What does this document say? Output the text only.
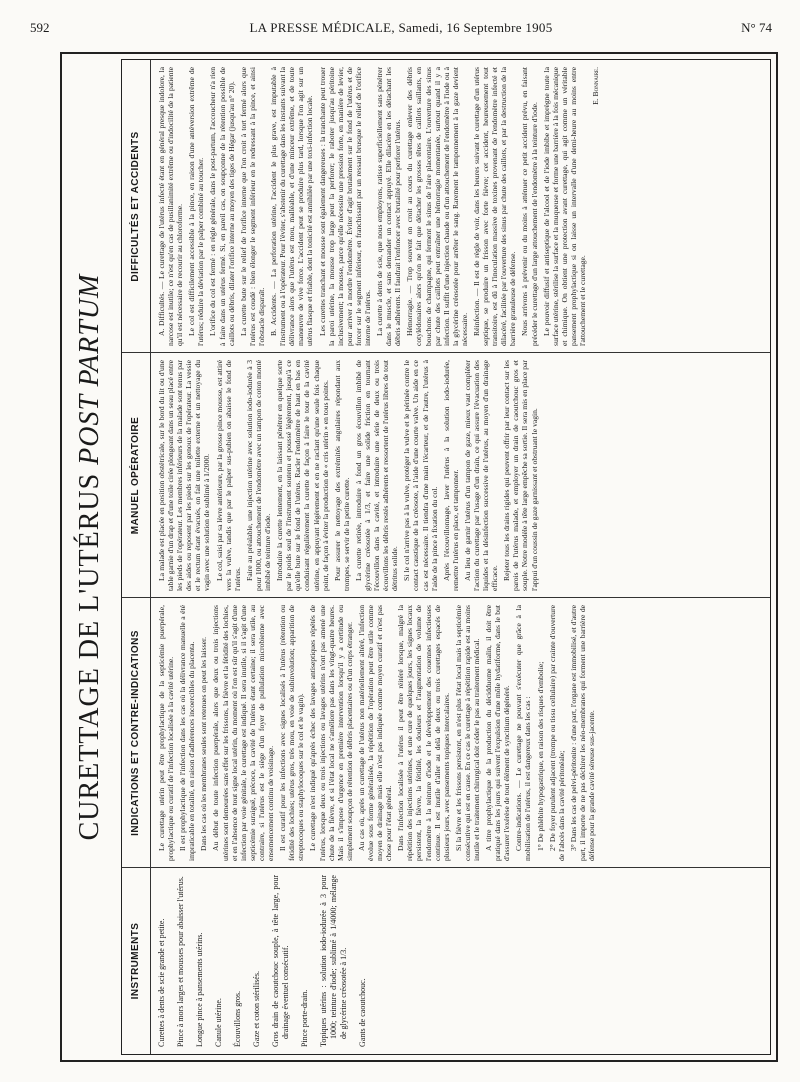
592	LA PRESSE MÉDICALE, Samedi, 16 Septembre 1905	N° 74
CURETTAGE DE L'UTÉRUS POST PARTUM
INSTRUMENTS	Curettes à dents de scie grande et petite. Pince à mors larges et mousses pour abaisser l'utérus. Longue pince à pansements utérins. Canule utérine. Écouvillons gros. Gaze et coton stérilisés. Gros drain de caoutchouc souple, à tête large, pour drainage éventuel consécutif. Pince porte-drain. Topiques utérins : solution iodo-iodurée à 3 pour 1000; teinture d'iode; sublimé à 1/4000; mélange de glycérine créosotée à 1/3. Gants de caoutchouc.

INDICATIONS ET CONTRE-INDICATIONS	Le curettage utérin peut être prophylactique de la septicémie puerpérale, prophylactique ou curatif de l'infection localisée à la cavité utérine. Il est prophylactique de l'infection dans les cas où la délivrance manuelle a été impraticable en totalité, en raison d'adhérences incoercibles du placenta. Dans les cas où les membranes seules sont retenues on peut les laisser. Au début de toute infection puerpérale, alors que deux ou trois injections utérines sont demeurées sans effet sur les frissons, la fièvre et la fétidité des lochies, et en l'absence de tout signe local utérin, du moment où l'on est sûr qu'il s'agit d'une infection par voie génitale, le curettage est indiqué. Il sera inutile, si il s'agit d'une septicémie suraiguë, précoce, la cavité de l'utérus étant certaine; il sera utile, au contraire, si l'utérus est le siège d'un foyer de pullulation microbienne avec ensemencement continu de voisinage. Il est curatif pour les infections avec signes localisés à l'utérus (rétention ou fétidité des lochies; utérus gros, très mou, en voie de subinvolution; apparition de streptocoques ou staphylocoques sur le col et le vagin). Le curettage n'est indiqué qu'après échec des lavages antiseptiques répétés de l'utérus, lorsque deux ou trois injections ou lavages utérins n'ont pas amené une chute de la fièvre, et si l'état local ne s'améliore pas dans les vingt-quatre heures. Mais il s'impose d'urgence en première intervention lorsqu'il y a certitude ou simplement soupçon de rétention de débris placentaires ou d'un corps étranger. Au cas où, après un curettage de l'utérus non matériellement altéré, l'infection évolue sous forme généralisée, la répétition de l'opération peut être utile comme moyen de drainage mais elle n'est pas indiquée comme moyen curatif et n'est pas chose pour l'état général. Dans l'infection localisée à l'utérus il peut être réitéré lorsque, malgré la répétition des injections utérines, et une cure de quelques jours, les signes locaux persistent, la fièvre, la fétidité, les douleurs et l'augmentation de volume de l'endomètre à la teinture d'iode et le développement des couennes infectieuses continue. Il est inutile d'aller au delà de deux ou trois curettages espacés de plusieurs jours, avec pansements topiques intercalaires. Si la fièvre et les frissons persistent, en n'est plus l'état local mais la septicémie consécutive qui est en cause. En ce cas le curettage à répétition rapide est au moins inutile et le traitement chirurgical doit céder le pas au traitement médical. A titre prophylactique de la production du décidduome malin, il doit être pratiqué dans les jours qui suivent l'expulsion d'une môle hydatiforme, dans le but d'assurer l'exérèse de tout élément de syncitium dégénéré. Contre-indications. — Le curettage ne pouvant s'exécuter que grâce à la mobilisation de l'utérus, il est dangereux dans les cas : 1° De phlébite hypogastrique, en raison des risques d'embolie; 2° De foyer purulent adjacent (trompe ou tissu cellulaire) par crainte d'ouverture de l'abcès dans la cavité péritonéale; 3° Dans les cas de pelvi-péritonite : d'une part, l'organe est immobilisé, et d'autre part, il importe de ne pas déchirer les néo-membranes qui forment une barrière de défense pour la grande cavité séreuse sus-jacente.

MANUEL OPÉRATOIRE	La malade est placée en position obstétricale, sur le bord du lit ou d'une table garnie d'un drap et d'une toile cirée plongeant dans un seau placé entre les pieds de l'opérateur. Les membres inférieurs de la malade sont tenus par des aides ou reposent par les pieds sur les genoux de l'opérateur. La vessie et le rectum étant évacués, on fait une toilette externe et un nettoyage du vagin avec une solution de sublimé à 1/2000. Le col, saisi par sa lèvre antérieure, par la grosse pince mousse, est attiré vers la vulve, tandis que par le palper sus-pubien on abaisse le fond de l'utérus. Faire au préalable, une injection utérine avec solution iodo-iodurée à 3 pour 1000, ou attouchement de l'endomètre avec un tampon de coton monté imbibé de teinture d'iode. Introduire la curette lentement, en la laissant pénétrer en quelque sorte par le poids seul de l'instrument soutenu et poussé légèrement, jusqu'à ce qu'elle bute sur le fond de l'utérus. Racler l'endomètre de haut en bas en conduisant régulièrement la curette de façon à faire le tour de la cavité utérine, en appuyant légèrement et en ne raclant qu'une seule fois chaque point, de façon à éviter la production de « cris utérin » en tous points. Pour assurer le nettoyage des extrémités angulaires répondant aux trompes, se servir de la petite curette. La curette retirée, introduire à fond un gros écouvillon imbibé de glycérine créosotée à 1/3, et faire une solide friction en tournant l'écouvillon dans la cavité, et introduire une série de deux ou trois écouvillons les débris restés adhérents et ressortent de l'utérus libres de tout détritus solide. Si le col n'arrive pas à la vulve, protéger la vulve et le périnée contre le contact caustique de la créosote, à l'aide d'une courte valve. Un aide en ce cas est nécessaire. Il tiendra d'une main l'écarteur, et de l'autre, l'utérus à l'aide de la pince à fixation du col. Après l'écouvillonnage, laver l'utérus à la solution iodo-iodurée, remettre l'utérus en place, et tamponner. Au lieu de garnir l'utérus d'un tampon de gaze, mieux vaut compléter l'action du curettage par l'usage d'un drain, ce qui assure l'évacuation des liquides et la désinfection successive de l'utérus, au moyen d'un drainage efficace. Rejeter tous les drains rigides qui peuvent offrir par leur contact sur les parois de l'utérus malade, et employer un drain de caoutchouc gros et souple. Notre modèle à tête large empêche sa sortie. Il sera mis en place par l'appui d'un coussin de gaze garnissant et obstruant le vagin.

DIFFICULTÉS ET ACCIDENTS	A. Difficultés. — Le curettage de l'utérus infecté étant en général presque indolore, la narcose est inutile; ce n'est qu'en cas de pusillanimité extrême ou d'indocilité de la patiente qu'il est nécessaire de recourir au chloroforme. Le col est difficilement accessible à la pince, en raison d'une antéversion extrême de l'utérus; réduire la déviation par le palper combiné au toucher. L'orifice du col est fermé : en règle générale, dans le post-partum, l'accoucheur n'a rien à faire dans un utérus fermé. Si, en pareil cas, on soupçonne de la rétention possible de caillots ou débris, dilater l'orifice interne au moyen des tiges de Hégar (jusqu'au n° 20). La curette bute sur le relief de l'orifice interne que l'on croit à tort fermé alors que l'utérus est coudé : bien élonger le segment inférieur en le redressant à la pince, et ainsi l'obstacle disparaît. B. Accidents. — La perforation utérine, l'accident le plus grave, est imputable à l'instrument ou à l'opérateur. Pour l'éviter, s'abstenir du curettage dans les instants suivant la délivrance alors que l'utérus est mou, malléable, et d'une minceur extrême, et de toute manœuvre de vive force. L'accident peut se produire plus tard, lorsque l'on agit sur un utérus flasque et friable, dont la tonicité est annihilée par une toxi-infection locale. Les curettes tranchant et mousse sont également dangereuses : la tranchante peut trouer la paroi utérine, la mousse trop large peut la perforer; le raboter jusqu'au péritoine inclusivement; la mousse, parce qu'elle nécessite une pression forte, en manière de levier, pour arriver à mordre l'endomètre. Éviter d'agir brutalement sur le fond de l'utérus et de forcer sur le segment inférieur, en franchissant par un ressaut brusque le relief de l'orifice interne de l'utérus. La curette à dents de scie, que nous employons, ratisse superficiellement sans pénétrer dans le muscle, et sans demander un contact appuyé. Elle dilacère en les détachant les débris adhérents. Il faudrait l'enfoncer avec brutalité pour perforer l'utérus. Hémorragie. — Trop souvent on croit au cours du curettage enlever des débris cotylédonaires alors qu'on ne fait que détacher les grosses têtes de caillots saillants, en bouchons de champagne, qui ferment le sinus de l'aire placentaire. L'ouverture des sinus par chute des caillots peut entraîner une hémorragie momentanée, surtout quand il y a infection. Il suffit d'une injection chaude ou d'un attouchement de l'endomètre à l'iode ou à la glycérine créosotée pour arrêter le sang. Rarement le tamponnement à la gaze devient nécessaire. Réinfection. — Il est de règle de voir, dans les heures suivant le curettage d'un utérus septique, se produire un frisson avec forte fièvre; cet accident, heureusement tout transitoire, est dû à l'inoculation massive de toxines provenant de l'endomètre infecté et dilacéré, facilitée par l'ouverture des sinus par chute des caillots, et par la destruction de la barrière granuleuse de défense. Nous arrivons à prévenir ou du moins à atténuer ce petit accident prévu, en faisant précéder le curettage d'un large attouchement de l'endomètre à la teinture d'iode. Le pouvoir diffusif et antiseptique de l'alcool et de l'iode imbibe et imprègne toute la surface utérine, stérilise la surface et la muqueuse et forme une barrière à la fois mécanique et chimique. On obtient une protection avant curettage, qui agit comme un véritable pansement prophylactique si on laisse un intervalle d'une demi-heure au moins entre l'attouchement et le curettage.

E. Bonnaire.
